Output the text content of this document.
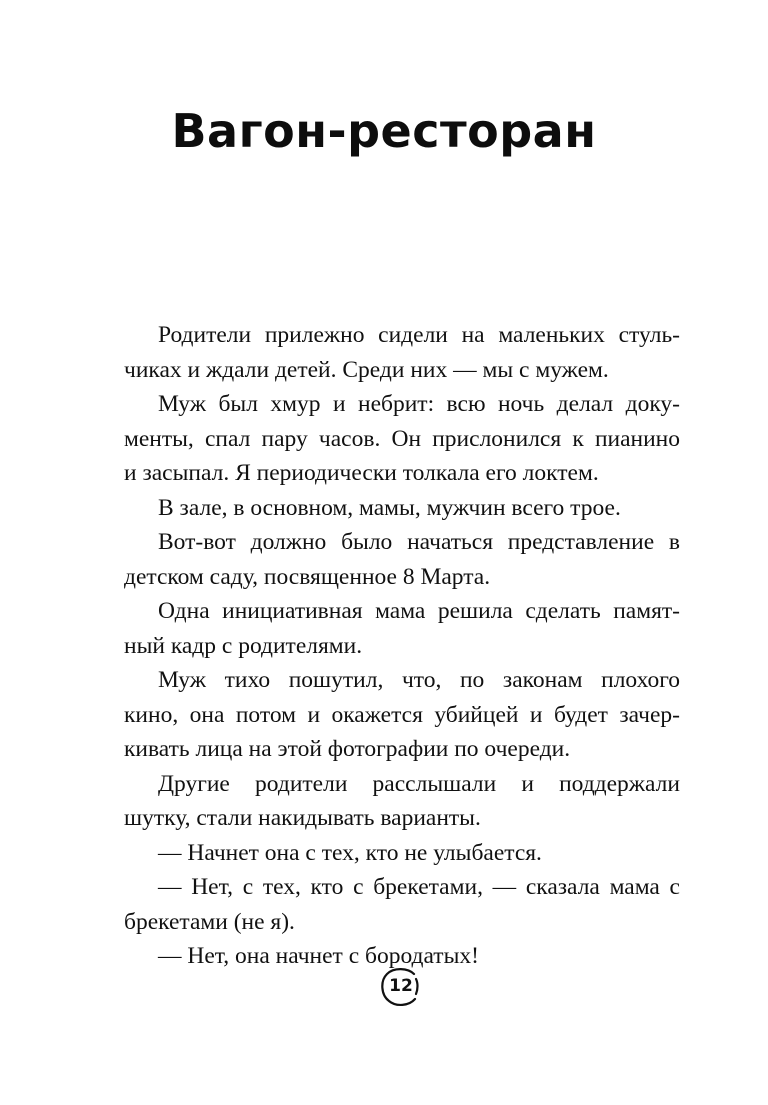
Вагон-ресторан
Родители прилежно сидели на маленьких стуль-
чиках и ждали детей. Среди них — мы с мужем.
Муж был хмур и небрит: всю ночь делал доку-
менты, спал пару часов. Он прислонился к пианино
и засыпал. Я периодически толкала его локтем.
В зале, в основном, мамы, мужчин всего трое.
Вот-вот должно было начаться представление в
детском саду, посвященное 8 Марта.
Одна инициативная мама решила сделать памят-
ный кадр с родителями.
Муж тихо пошутил, что, по законам плохого
кино, она потом и окажется убийцей и будет зачер-
кивать лица на этой фотографии по очереди.
Другие родители расслышали и поддержали
шутку, стали накидывать варианты.
— Начнет она с тех, кто не улыбается.
— Нет, с тех, кто с брекетами, — сказала мама с
брекетами (не я).
— Нет, она начнет с бородатых!
12
